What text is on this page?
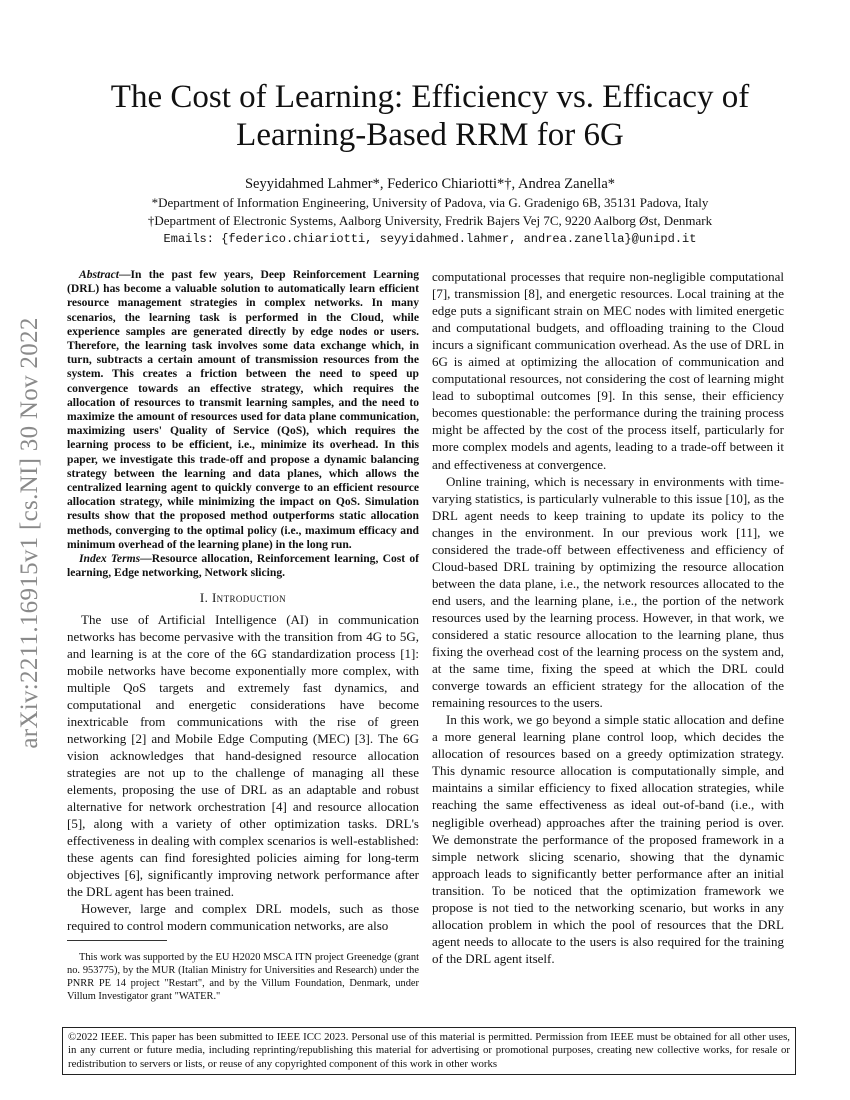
arXiv:2211.16915v1 [cs.NI] 30 Nov 2022
The Cost of Learning: Efficiency vs. Efficacy of
Learning-Based RRM for 6G
Seyyidahmed Lahmer*, Federico Chiariotti*†, Andrea Zanella*
*Department of Information Engineering, University of Padova, via G. Gradenigo 6B, 35131 Padova, Italy
†Department of Electronic Systems, Aalborg University, Fredrik Bajers Vej 7C, 9220 Aalborg Øst, Denmark
Emails: {federico.chiariotti, seyyidahmed.lahmer, andrea.zanella}@unipd.it

Abstract—In the past few years, Deep Reinforcement Learning (DRL) has become a valuable solution to automatically learn efficient resource management strategies in complex networks. In many scenarios, the learning task is performed in the Cloud, while experience samples are generated directly by edge nodes or users. Therefore, the learning task involves some data exchange which, in turn, subtracts a certain amount of transmission resources from the system. This creates a friction between the need to speed up convergence towards an effective strategy, which requires the allocation of resources to transmit learning samples, and the need to maximize the amount of resources used for data plane communication, maximizing users' Quality of Service (QoS), which requires the learning process to be efficient, i.e., minimize its overhead. In this paper, we investigate this trade-off and propose a dynamic balancing strategy between the learning and data planes, which allows the centralized learning agent to quickly converge to an efficient resource allocation strategy, while minimizing the impact on QoS. Simulation results show that the proposed method outperforms static allocation methods, converging to the optimal policy (i.e., maximum efficacy and minimum overhead of the learning plane) in the long run.

Index Terms—Resource allocation, Reinforcement learning, Cost of learning, Edge networking, Network slicing.

I. Introduction

The use of Artificial Intelligence (AI) in communication networks has become pervasive with the transition from 4G to 5G, and learning is at the core of the 6G standardization process [1]: mobile networks have become exponentially more complex, with multiple QoS targets and extremely fast dynamics, and computational and energetic considerations have become inextricable from communications with the rise of green networking [2] and Mobile Edge Computing (MEC) [3]. The 6G vision acknowledges that hand-designed resource allocation strategies are not up to the challenge of managing all these elements, proposing the use of DRL as an adaptable and robust alternative for network orchestration [4] and resource allocation [5], along with a variety of other optimization tasks. DRL's effectiveness in dealing with complex scenarios is well-established: these agents can find foresighted policies aiming for long-term objectives [6], significantly improving network performance after the DRL agent has been trained.

However, large and complex DRL models, such as those required to control modern communication networks, are also

This work was supported by the EU H2020 MSCA ITN project Greenedge (grant no. 953775), by the MUR (Italian Ministry for Universities and Research) under the PNRR PE 14 project "Restart", and by the Villum Foundation, Denmark, under Villum Investigator grant "WATER."

computational processes that require non-negligible computational [7], transmission [8], and energetic resources. Local training at the edge puts a significant strain on MEC nodes with limited energetic and computational budgets, and offloading training to the Cloud incurs a significant communication overhead. As the use of DRL in 6G is aimed at optimizing the allocation of communication and computational resources, not considering the cost of learning might lead to suboptimal outcomes [9]. In this sense, their efficiency becomes questionable: the performance during the training process might be affected by the cost of the process itself, particularly for more complex models and agents, leading to a trade-off between it and effectiveness at convergence.

Online training, which is necessary in environments with time-varying statistics, is particularly vulnerable to this issue [10], as the DRL agent needs to keep training to update its policy to the changes in the environment. In our previous work [11], we considered the trade-off between effectiveness and efficiency of Cloud-based DRL training by optimizing the resource allocation between the data plane, i.e., the network resources allocated to the end users, and the learning plane, i.e., the portion of the network resources used by the learning process. However, in that work, we considered a static resource allocation to the learning plane, thus fixing the overhead cost of the learning process on the system and, at the same time, fixing the speed at which the DRL could converge towards an efficient strategy for the allocation of the remaining resources to the users.

In this work, we go beyond a simple static allocation and define a more general learning plane control loop, which decides the allocation of resources based on a greedy optimization strategy. This dynamic resource allocation is computationally simple, and maintains a similar efficiency to fixed allocation strategies, while reaching the same effectiveness as ideal out-of-band (i.e., with negligible overhead) approaches after the training period is over. We demonstrate the performance of the proposed framework in a simple network slicing scenario, showing that the dynamic approach leads to significantly better performance after an initial transition. To be noticed that the optimization framework we propose is not tied to the networking scenario, but works in any allocation problem in which the pool of resources that the DRL agent needs to allocate to the users is also required for the training of the DRL agent itself.

©2022 IEEE. This paper has been submitted to IEEE ICC 2023. Personal use of this material is permitted. Permission from IEEE must be obtained for all other uses, in any current or future media, including reprinting/republishing this material for advertising or promotional purposes, creating new collective works, for resale or redistribution to servers or lists, or reuse of any copyrighted component of this work in other works
